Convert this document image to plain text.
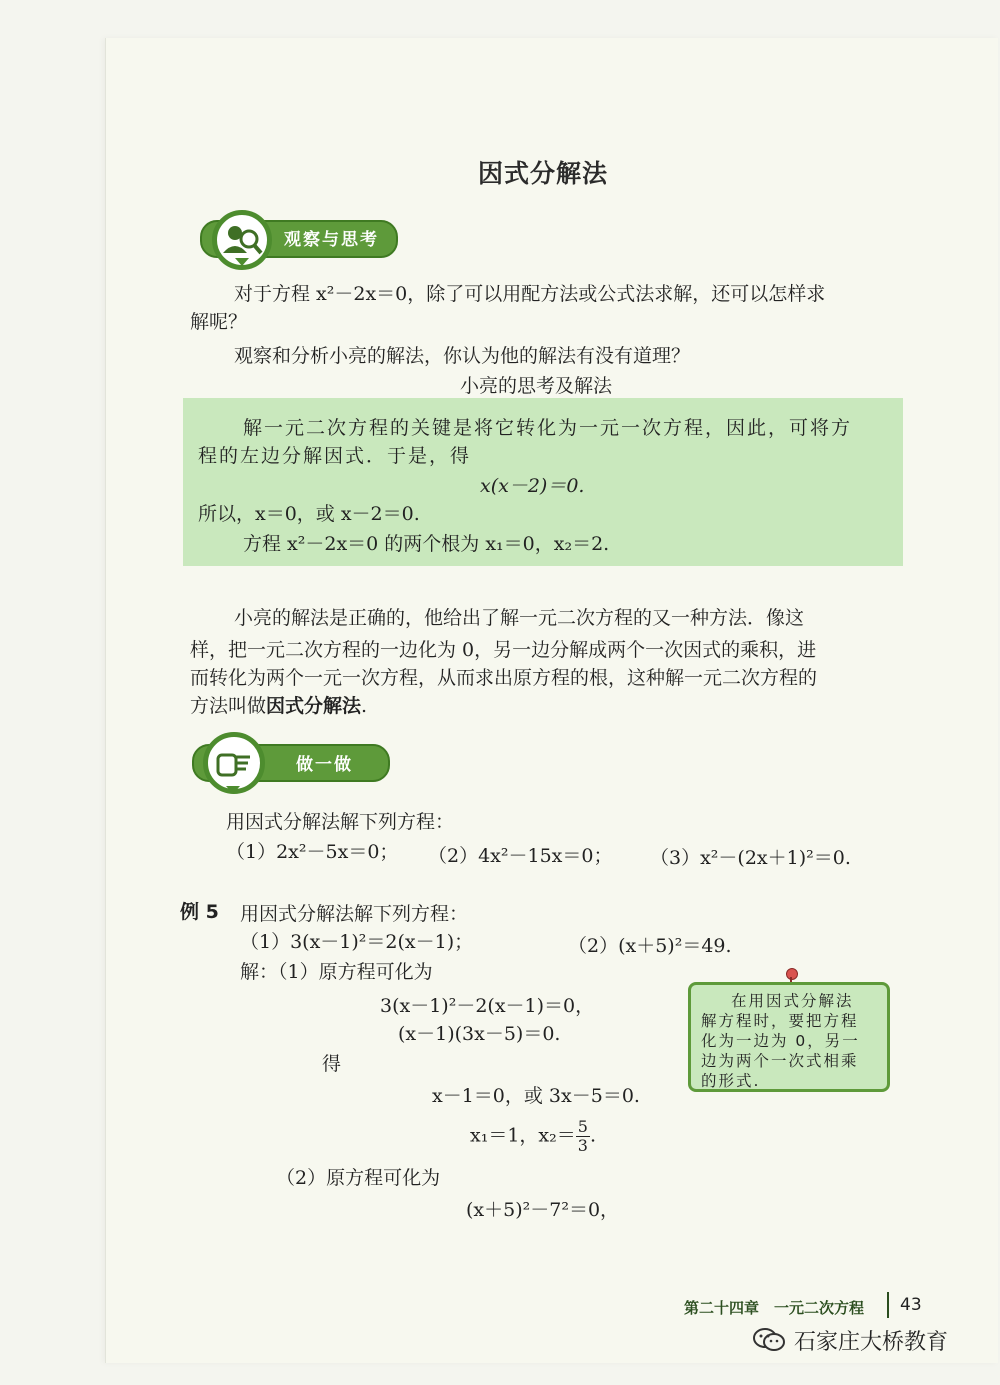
因式分解法
观察与思考
对于方程 x²－2x＝0，除了可以用配方法或公式法求解，还可以怎样求
解呢？
观察和分析小亮的解法，你认为他的解法有没有道理？
小亮的思考及解法
解一元二次方程的关键是将它转化为一元一次方程，因此，可将方
程的左边分解因式．于是，得
x(x－2)＝0.
所以，x＝0，或 x－2＝0.
方程 x²－2x＝0 的两个根为 x₁＝0，x₂＝2.
小亮的解法是正确的，他给出了解一元二次方程的又一种方法．像这
样，把一元二次方程的一边化为 0，另一边分解成两个一次因式的乘积，进
而转化为两个一元一次方程，从而求出原方程的根，这种解一元二次方程的
方法叫做因式分解法.
做一做
用因式分解法解下列方程：
（1）2x²－5x＝0； （2）4x²－15x＝0； （3）x²－(2x＋1)²＝0.
例 5 用因式分解法解下列方程：
（1）3(x－1)²＝2(x－1)；	（2）(x＋5)²＝49.
解：（1）原方程可化为
3(x－1)²－2(x－1)＝0，
(x－1)(3x－5)＝0.
得
x－1＝0，或 3x－5＝0.
x₁＝1，$x_2= \frac{5}{3}$ .
（2）原方程可化为
(x＋5)²－7²＝0，
在用因式分解法
解方程时，要把方程
化为一边为 0，另一
边为两个一次式相乘
的形式.
第二十四章　一元二次方程 43
石家庄大桥教育
